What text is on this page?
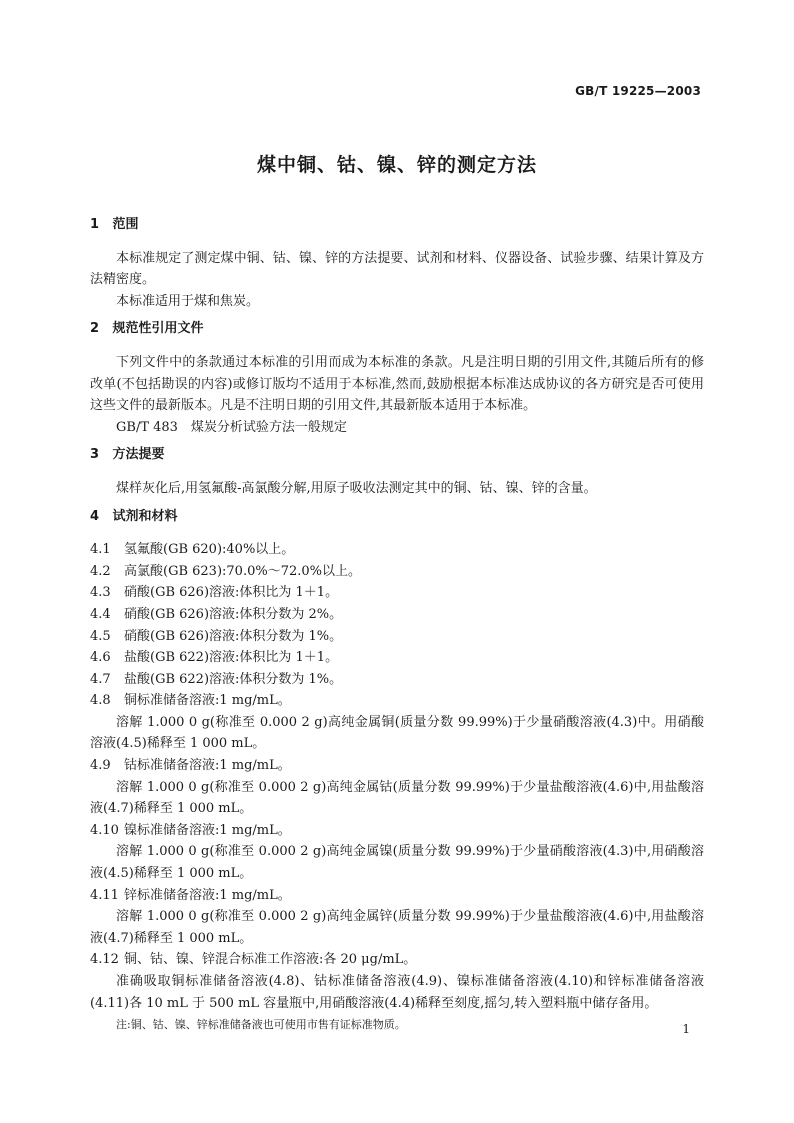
GB/T 19225—2003
煤中铜、钴、镍、锌的测定方法
1 范围
本标准规定了测定煤中铜、钴、镍、锌的方法提要、试剂和材料、仪器设备、试验步骤、结果计算及方法精密度。
本标准适用于煤和焦炭。
2 规范性引用文件
下列文件中的条款通过本标准的引用而成为本标准的条款。凡是注明日期的引用文件,其随后所有的修改单(不包括勘误的内容)或修订版均不适用于本标准,然而,鼓励根据本标准达成协议的各方研究是否可使用这些文件的最新版本。凡是不注明日期的引用文件,其最新版本适用于本标准。
GB/T 483　煤炭分析试验方法一般规定
3 方法提要
煤样灰化后,用氢氟酸-高氯酸分解,用原子吸收法测定其中的铜、钴、镍、锌的含量。
4 试剂和材料
4.1 氢氟酸(GB 620):40%以上。
4.2 高氯酸(GB 623):70.0%～72.0%以上。
4.3 硝酸(GB 626)溶液:体积比为 1＋1。
4.4 硝酸(GB 626)溶液:体积分数为 2%。
4.5 硝酸(GB 626)溶液:体积分数为 1%。
4.6 盐酸(GB 622)溶液:体积比为 1＋1。
4.7 盐酸(GB 622)溶液:体积分数为 1%。
4.8 铜标准储备溶液:1 mg/mL。
溶解 1.000 0 g(称准至 0.000 2 g)高纯金属铜(质量分数 99.99%)于少量硝酸溶液(4.3)中。用硝酸溶液(4.5)稀释至 1 000 mL。
4.9 钴标准储备溶液:1 mg/mL。
溶解 1.000 0 g(称准至 0.000 2 g)高纯金属钴(质量分数 99.99%)于少量盐酸溶液(4.6)中,用盐酸溶液(4.7)稀释至 1 000 mL。
4.10 镍标准储备溶液:1 mg/mL。
溶解 1.000 0 g(称准至 0.000 2 g)高纯金属镍(质量分数 99.99%)于少量硝酸溶液(4.3)中,用硝酸溶液(4.5)稀释至 1 000 mL。
4.11 锌标准储备溶液:1 mg/mL。
溶解 1.000 0 g(称准至 0.000 2 g)高纯金属锌(质量分数 99.99%)于少量盐酸溶液(4.6)中,用盐酸溶液(4.7)稀释至 1 000 mL。
4.12 铜、钴、镍、锌混合标准工作溶液:各 20 μg/mL。
准确吸取铜标准储备溶液(4.8)、钴标准储备溶液(4.9)、镍标准储备溶液(4.10)和锌标准储备溶液(4.11)各 10 mL 于 500 mL 容量瓶中,用硝酸溶液(4.4)稀释至刻度,摇匀,转入塑料瓶中储存备用。
注:铜、钴、镍、锌标准储备液也可使用市售有证标准物质。	1
